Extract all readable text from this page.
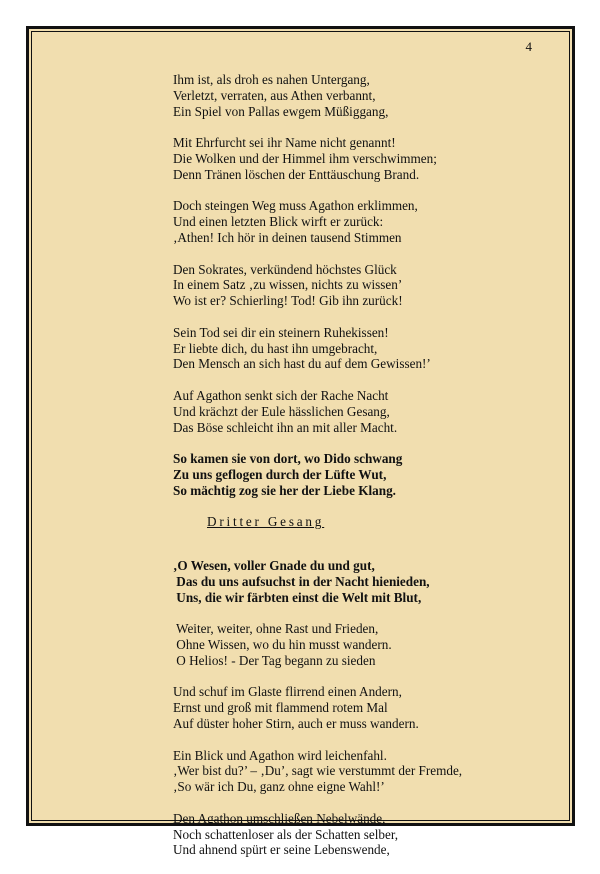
4
Ihm ist, als droh es nahen Untergang,
Verletzt, verraten, aus Athen verbannt,
Ein Spiel von Pallas ewgem Müßiggang,
Mit Ehrfurcht sei ihr Name nicht genannt!
Die Wolken und der Himmel ihm verschwimmen;
Denn Tränen löschen der Enttäuschung Brand.
Doch steingen Weg muss Agathon erklimmen,
Und einen letzten Blick wirft er zurück:
‚Athen! Ich hör in deinen tausend Stimmen
Den Sokrates, verkündend höchstes Glück
In einem Satz ‚zu wissen, nichts zu wissen’
Wo ist er? Schierling! Tod! Gib ihn zurück!
Sein Tod sei dir ein steinern Ruhekissen!
Er liebte dich, du hast ihn umgebracht,
Den Mensch an sich hast du auf dem Gewissen!’
Auf Agathon senkt sich der Rache Nacht
Und krächzt der Eule hässlichen Gesang,
Das Böse schleicht ihn an mit aller Macht.
So kamen sie von dort, wo Dido schwang
Zu uns geflogen durch der Lüfte Wut,
So mächtig zog sie her der Liebe Klang.
Dritter Gesang
‚O Wesen, voller Gnade du und gut,
Das du uns aufsuchst in der Nacht hienieden,
Uns, die wir färbten einst die Welt mit Blut,
Weiter, weiter, ohne Rast und Frieden,
Ohne Wissen, wo du hin musst wandern.
O Helios! - Der Tag begann zu sieden
Und schuf im Glaste flirrend einen Andern,
Ernst und groß mit flammend rotem Mal
Auf düster hoher Stirn, auch er muss wandern.
Ein Blick und Agathon wird leichenfahl.
‚Wer bist du?’ – ‚Du’, sagt wie verstummt der Fremde,
‚So wär ich Du, ganz ohne eigne Wahl!’
Den Agathon umschließen Nebelwände,
Noch schattenloser als der Schatten selber,
Und ahnend spürt er seine Lebenswende,
